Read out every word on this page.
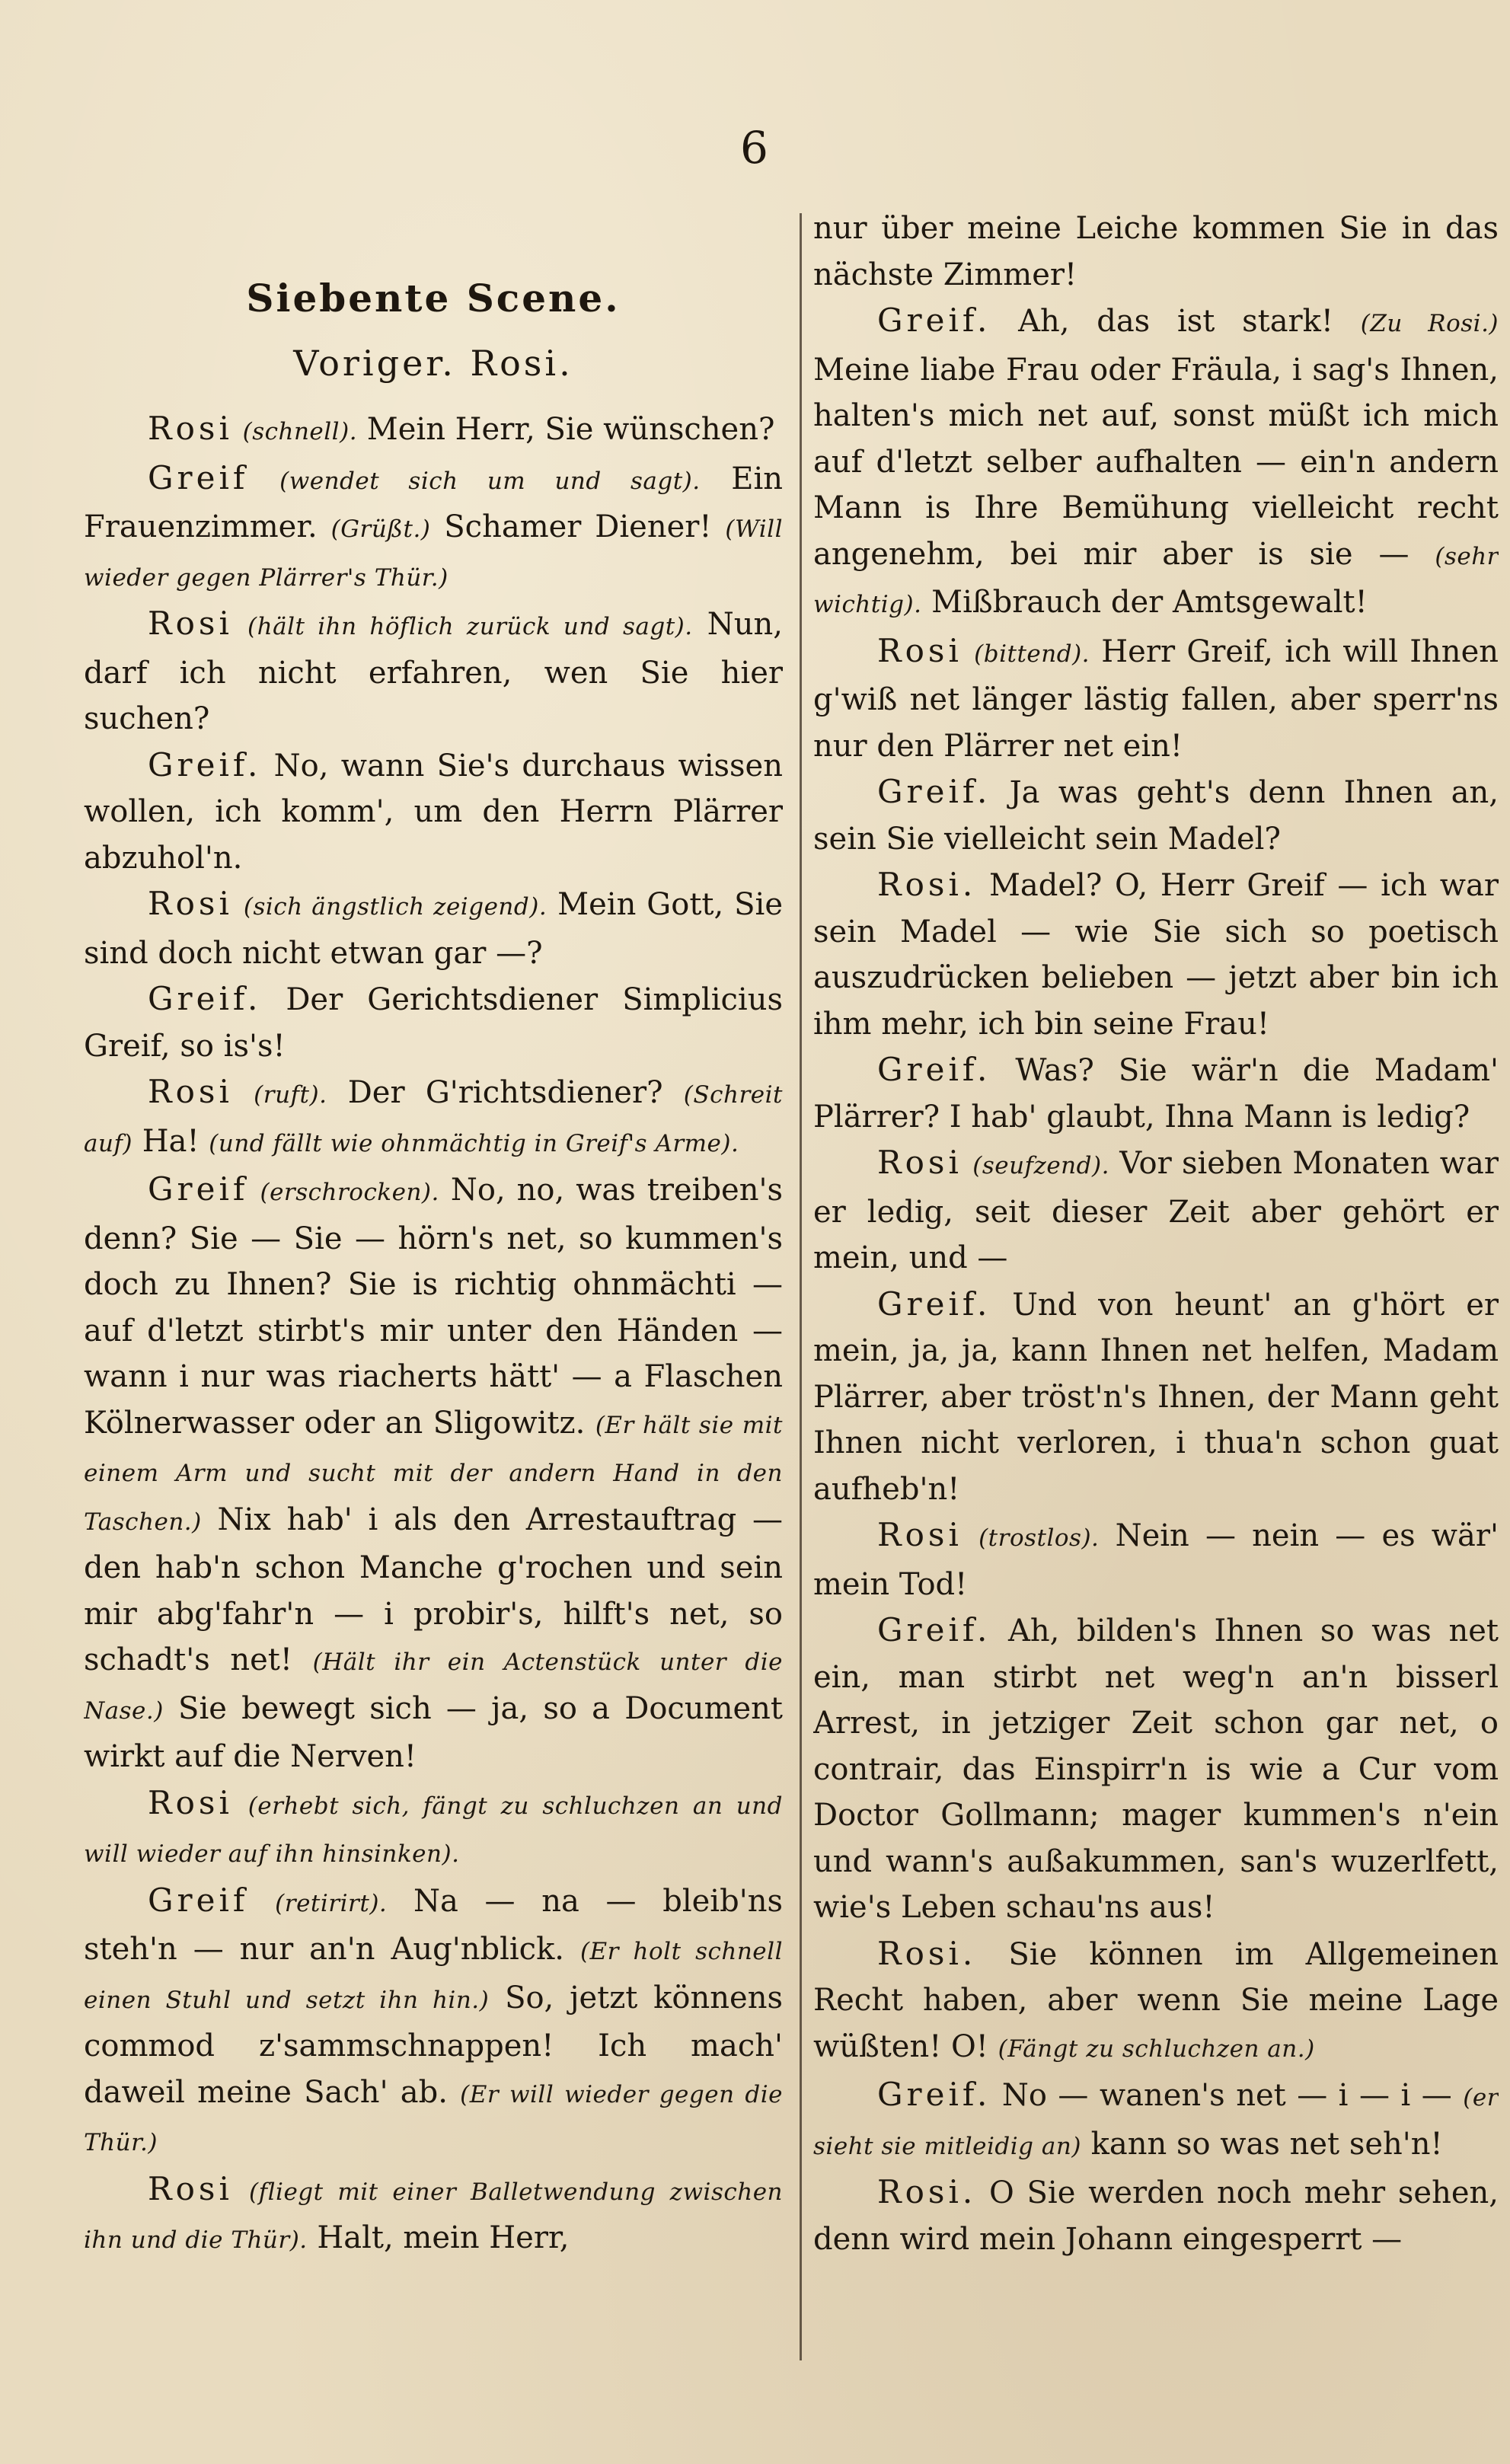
6

Siebente Scene.

Voriger. Rosi.

Rosi (schnell). Mein Herr, Sie wünschen?

Greif (wendet sich um und sagt). Ein Frauenzimmer. (Grüßt.) Schamer Diener! (Will wieder gegen Plärrer's Thür.)

Rosi (hält ihn höflich zurück und sagt). Nun, darf ich nicht erfahren, wen Sie hier suchen?

Greif. No, wann Sie's durchaus wissen wollen, ich komm', um den Herrn Plärrer abzuhol'n.

Rosi (sich ängstlich zeigend). Mein Gott, Sie sind doch nicht etwan gar —?

Greif. Der Gerichtsdiener Simplicius Greif, so is's!

Rosi (ruft). Der G'richtsdiener? (Schreit auf) Ha! (und fällt wie ohnmächtig in Greif's Arme).

Greif (erschrocken). No, no, was treiben's denn? Sie — Sie — hörn's net, so kummen's doch zu Ihnen? Sie is richtig ohnmächti — auf d'letzt stirbt's mir unter den Händen — wann i nur was riacherts hätt' — a Flaschen Kölnerwasser oder an Sligowitz. (Er hält sie mit einem Arm und sucht mit der andern Hand in den Taschen.) Nix hab' i als den Arrestauftrag — den hab'n schon Manche g'rochen und sein mir abg'fahr'n — i probir's, hilft's net, so schadt's net! (Hält ihr ein Actenstück unter die Nase.) Sie bewegt sich — ja, so a Document wirkt auf die Nerven!

Rosi (erhebt sich, fängt zu schluchzen an und will wieder auf ihn hinsinken).

Greif (retirirt). Na — na — bleib'ns steh'n — nur an'n Aug'nblick. (Er holt schnell einen Stuhl und setzt ihn hin.) So, jetzt könnens commod z'sammschnappen! Ich mach' daweil meine Sach' ab. (Er will wieder gegen die Thür.)

Rosi (fliegt mit einer Balletwendung zwischen ihn und die Thür). Halt, mein Herr,

nur über meine Leiche kommen Sie in das nächste Zimmer!

Greif. Ah, das ist stark! (Zu Rosi.) Meine liabe Frau oder Fräula, i sag's Ihnen, halten's mich net auf, sonst müßt ich mich auf d'letzt selber aufhalten — ein'n andern Mann is Ihre Bemühung vielleicht recht angenehm, bei mir aber is sie — (sehr wichtig). Mißbrauch der Amtsgewalt!

Rosi (bittend). Herr Greif, ich will Ihnen g'wiß net länger lästig fallen, aber sperr'ns nur den Plärrer net ein!

Greif. Ja was geht's denn Ihnen an, sein Sie vielleicht sein Madel?

Rosi. Madel? O, Herr Greif — ich war sein Madel — wie Sie sich so poetisch auszudrücken belieben — jetzt aber bin ich ihm mehr, ich bin seine Frau!

Greif. Was? Sie wär'n die Madam' Plärrer? I hab' glaubt, Ihna Mann is ledig?

Rosi (seufzend). Vor sieben Monaten war er ledig, seit dieser Zeit aber gehört er mein, und —

Greif. Und von heunt' an g'hört er mein, ja, ja, kann Ihnen net helfen, Madam Plärrer, aber tröst'n's Ihnen, der Mann geht Ihnen nicht verloren, i thua'n schon guat aufheb'n!

Rosi (trostlos). Nein — nein — es wär' mein Tod!

Greif. Ah, bilden's Ihnen so was net ein, man stirbt net weg'n an'n bisserl Arrest, in jetziger Zeit schon gar net, o contrair, das Einspirr'n is wie a Cur vom Doctor Gollmann; mager kummen's n'ein und wann's außakummen, san's wuzerlfett, wie's Leben schau'ns aus!

Rosi. Sie können im Allgemeinen Recht haben, aber wenn Sie meine Lage wüßten! O! (Fängt zu schluchzen an.)

Greif. No — wanen's net — i — i — (er sieht sie mitleidig an) kann so was net seh'n!

Rosi. O Sie werden noch mehr sehen, denn wird mein Johann eingesperrt —
